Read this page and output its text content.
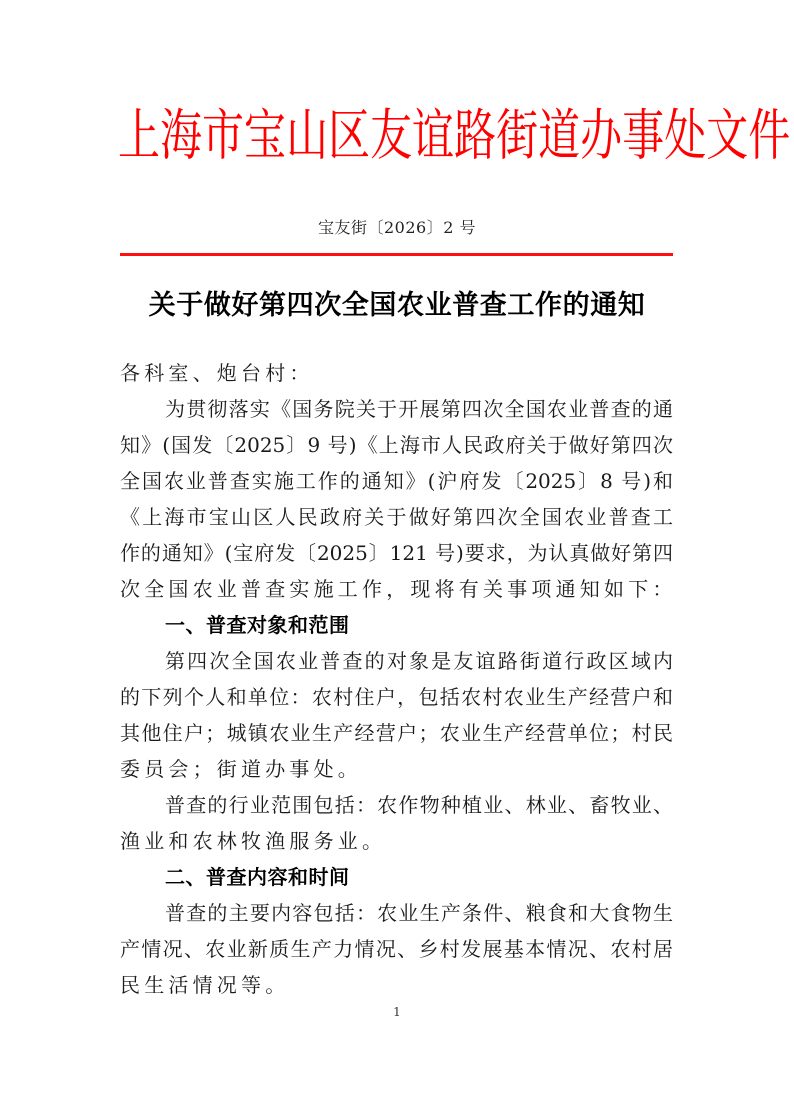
上 海 市 宝 山 区 友 谊 路 街 道 办 事 处 文 件
宝友街〔2026〕2 号
关于做好第四次全国农业普查工作的通知
各科室、炮台村：
为贯彻落实《国务院关于开展第四次全国农业普查的通
知》(国发〔2025〕9 号)《上海市人民政府关于做好第四次
全国农业普查实施工作的通知》(沪府发〔2025〕8 号)和
《上海市宝山区人民政府关于做好第四次全国农业普查工
作的通知》(宝府发〔2025〕121 号)要求，为认真做好第四
次全国农业普查实施工作，现将有关事项通知如下：
一、普查对象和范围
第四次全国农业普查的对象是友谊路街道行政区域内
的下列个人和单位：农村住户，包括农村农业生产经营户和
其他住户；城镇农业生产经营户；农业生产经营单位；村民
委员会；街道办事处。
普查的行业范围包括：农作物种植业、林业、畜牧业、
渔业和农林牧渔服务业。
二、普查内容和时间
普查的主要内容包括：农业生产条件、粮食和大食物生
产情况、农业新质生产力情况、乡村发展基本情况、农村居
民生活情况等。
1
